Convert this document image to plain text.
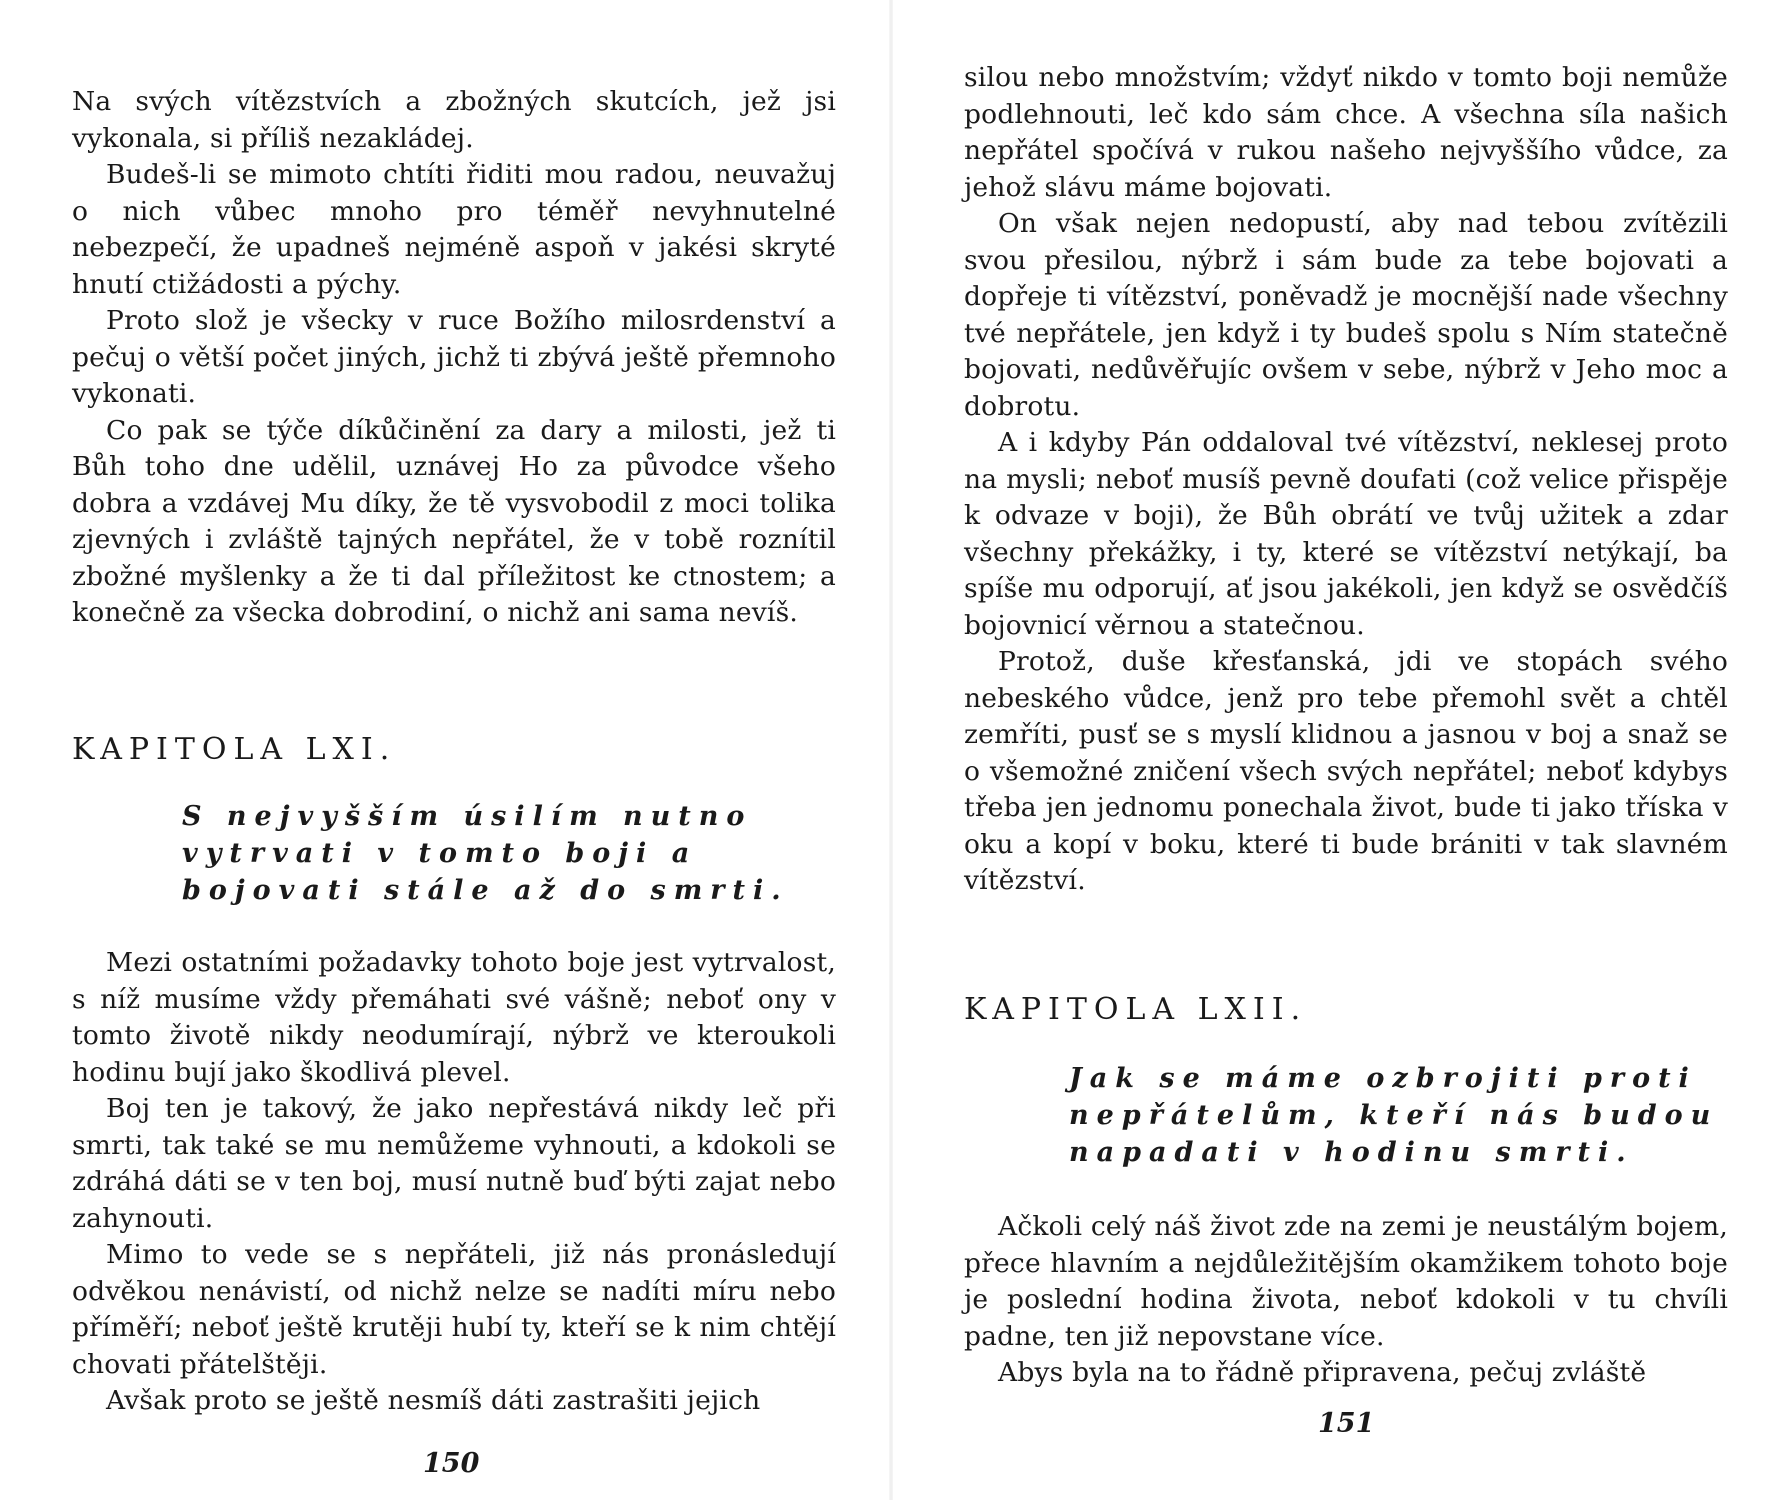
Na svých vítězstvích a zbožných skutcích, jež jsi vykonala, si příliš nezakládej.

Budeš-li se mimoto chtíti řiditi mou radou, neuvažuj o nich vůbec mnoho pro téměř nevyhnutelné nebezpečí, že upadneš nejméně aspoň v jakési skryté hnutí ctižádosti a pýchy.

Proto slož je všecky v ruce Božího milosrdenství a pečuj o větší počet jiných, jichž ti zbývá ještě přemnoho vykonati.

Co pak se týče díkůčinění za dary a milosti, jež ti Bůh toho dne udělil, uznávej Ho za původce všeho dobra a vzdávej Mu díky, že tě vysvobodil z moci tolika zjevných i zvláště tajných nepřátel, že v tobě roznítil zbožné myšlenky a že ti dal příležitost ke ctnostem; a konečně za všecka dobrodiní, o nichž ani sama nevíš.

KAPITOLA LXI.

S nejvyšším úsilím nutno vytrvati v tomto boji a bojovati stále až do smrti.

Mezi ostatními požadavky tohoto boje jest vytrvalost, s níž musíme vždy přemáhati své vášně; neboť ony v tomto životě nikdy neodumírají, nýbrž ve kteroukoli hodinu bují jako škodlivá plevel.

Boj ten je takový, že jako nepřestává nikdy leč při smrti, tak také se mu nemůžeme vyhnouti, a kdokoli se zdráhá dáti se v ten boj, musí nutně buď býti zajat nebo zahynouti.

Mimo to vede se s nepřáteli, již nás pronásledují odvěkou nenávistí, od nichž nelze se nadíti míru nebo příměří; neboť ještě krutěji hubí ty, kteří se k nim chtějí chovati přátelštěji.

Avšak proto se ještě nesmíš dáti zastrašiti jejich

150

silou nebo množstvím; vždyť nikdo v tomto boji nemůže podlehnouti, leč kdo sám chce. A všechna síla našich nepřátel spočívá v rukou našeho nejvyššího vůdce, za jehož slávu máme bojovati.

On však nejen nedopustí, aby nad tebou zvítězili svou přesilou, nýbrž i sám bude za tebe bojovati a dopřeje ti vítězství, poněvadž je mocnější nade všechny tvé nepřátele, jen když i ty budeš spolu s Ním statečně bojovati, nedůvěřujíc ovšem v sebe, nýbrž v Jeho moc a dobrotu.

A i kdyby Pán oddaloval tvé vítězství, neklesej proto na mysli; neboť musíš pevně doufati (což velice přispěje k odvaze v boji), že Bůh obrátí ve tvůj užitek a zdar všechny překážky, i ty, které se vítězství netýkají, ba spíše mu odporují, ať jsou jakékoli, jen když se osvědčíš bojovnicí věrnou a statečnou.

Protož, duše křesťanská, jdi ve stopách svého nebeského vůdce, jenž pro tebe přemohl svět a chtěl zemříti, pusť se s myslí klidnou a jasnou v boj a snaž se o všemožné zničení všech svých nepřátel; neboť kdybys třeba jen jednomu ponechala život, bude ti jako tříska v oku a kopí v boku, které ti bude brániti v tak slavném vítězství.

KAPITOLA LXII.

Jak se máme ozbrojiti proti nepřátelům, kteří nás budou napadati v hodinu smrti.

Ačkoli celý náš život zde na zemi je neustálým bojem, přece hlavním a nejdůležitějším okamžikem tohoto boje je poslední hodina života, neboť kdokoli v tu chvíli padne, ten již nepovstane více.

Abys byla na to řádně připravena, pečuj zvláště

151
